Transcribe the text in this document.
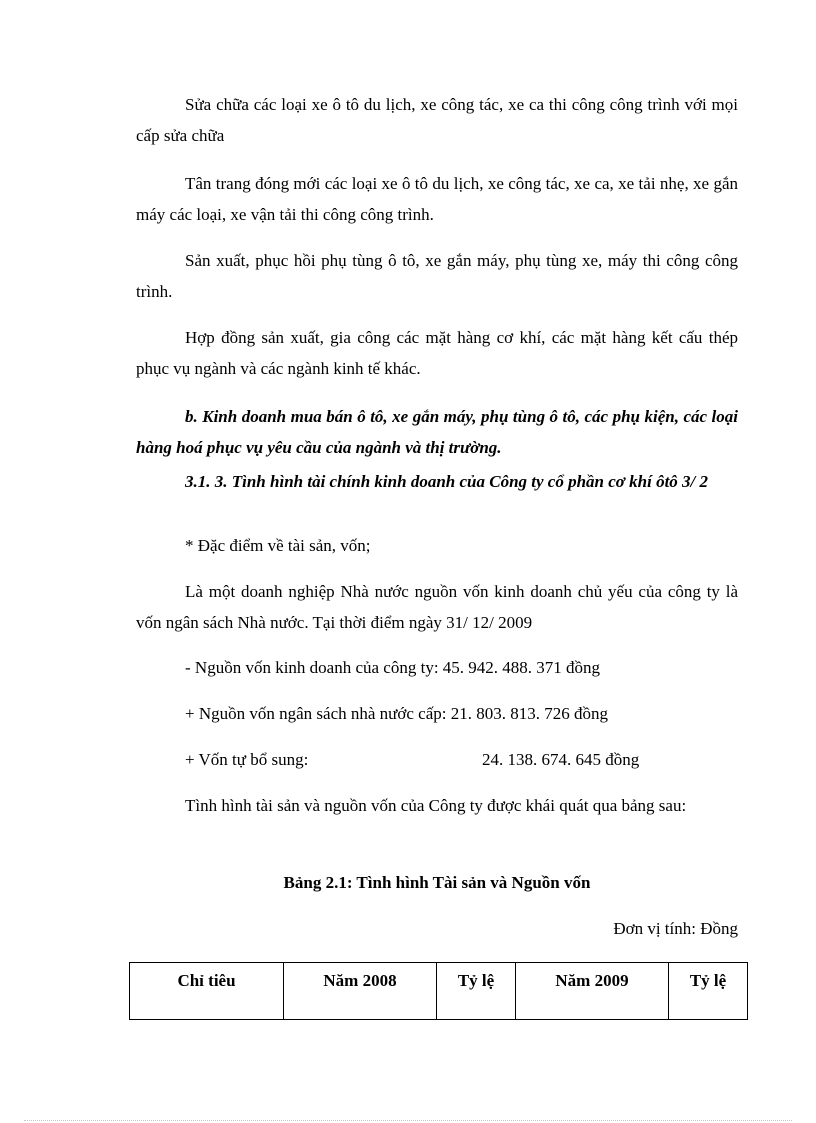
Sửa chữa các loại xe ô tô du lịch, xe công tác, xe ca thi công công trình với mọi cấp sửa chữa

Tân trang đóng mới các loại xe ô tô du lịch, xe công tác, xe ca, xe tải nhẹ, xe gắn máy các loại, xe vận tải thi công công trình.

Sản xuất, phục hồi phụ tùng ô tô, xe gắn máy, phụ tùng xe, máy thi công công trình.

Hợp đồng sản xuất, gia công các mặt hàng cơ khí, các mặt hàng kết cấu thép phục vụ ngành và các ngành kinh tế khác.

b. Kinh doanh mua bán ô tô, xe gắn máy, phụ tùng ô tô, các phụ kiện, các loại hàng hoá phục vụ yêu cầu của ngành và thị trường.

3.1. 3. Tình hình tài chính kinh doanh của Công ty cổ phần cơ khí ôtô 3/ 2

* Đặc điểm về tài sản, vốn;

Là một doanh nghiệp Nhà nước nguồn vốn kinh doanh chủ yếu của công ty là vốn ngân sách Nhà nước. Tại thời điểm ngày 31/ 12/ 2009

- Nguồn vốn kinh doanh của công ty: 45. 942. 488. 371 đồng

+ Nguồn vốn ngân sách nhà nước cấp: 21. 803. 813. 726 đồng

+ Vốn tự bổ sung:	24. 138. 674. 645 đồng

Tình hình tài sản và nguồn vốn của Công ty được khái quát qua bảng sau:

Bảng 2.1: Tình hình Tài sản và Nguồn vốn

Đơn vị tính: Đồng

Chỉ tiêu	Năm 2008	Tỷ lệ	Năm 2009	Tỷ lệ
